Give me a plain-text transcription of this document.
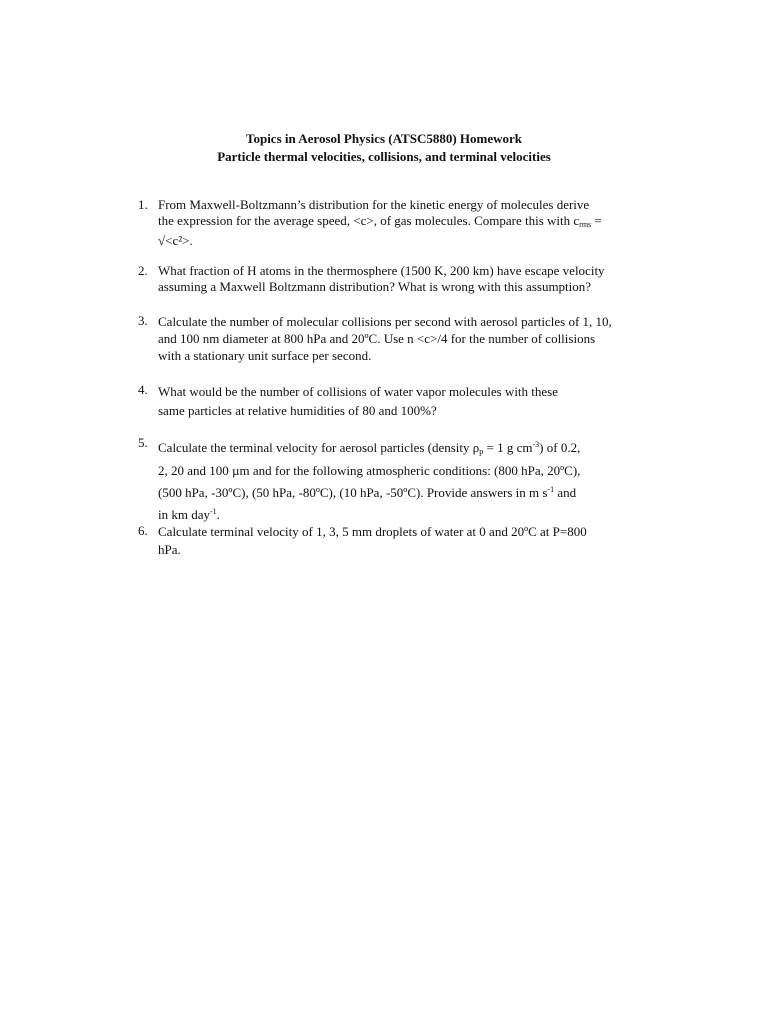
Topics in Aerosol Physics (ATSC5880) Homework
Particle thermal velocities, collisions, and terminal velocities
1. From Maxwell-Boltzmann’s distribution for the kinetic energy of molecules derive
the expression for the average speed, <c>, of gas molecules. Compare this with $c_{rms}$ =
√<c²>.
2. What fraction of H atoms in the thermosphere (1500 K, 200 km) have escape velocity
assuming a Maxwell Boltzmann distribution? What is wrong with this assumption?
3. Calculate the number of molecular collisions per second with aerosol particles of 1, 10,
and 100 nm diameter at 800 hPa and 20ºC. Use n <c>/4 for the number of collisions
with a stationary unit surface per second.
4. What would be the number of collisions of water vapor molecules with these
same particles at relative humidities of 80 and 100%?
5. Calculate the terminal velocity for aerosol particles (density $\rho_p = 1$ g $cm^{-3}$) of 0.2,
2, 20 and 100 µm and for the following atmospheric conditions: (800 hPa, 20ºC),
(500 hPa, -30ºC), (50 hPa, -80ºC), (10 hPa, -50ºC). Provide answers in m $s^{-1}$ and
in km day$^{-1}$.
6. Calculate terminal velocity of 1, 3, 5 mm droplets of water at 0 and 20ºC at P=800
hPa.
